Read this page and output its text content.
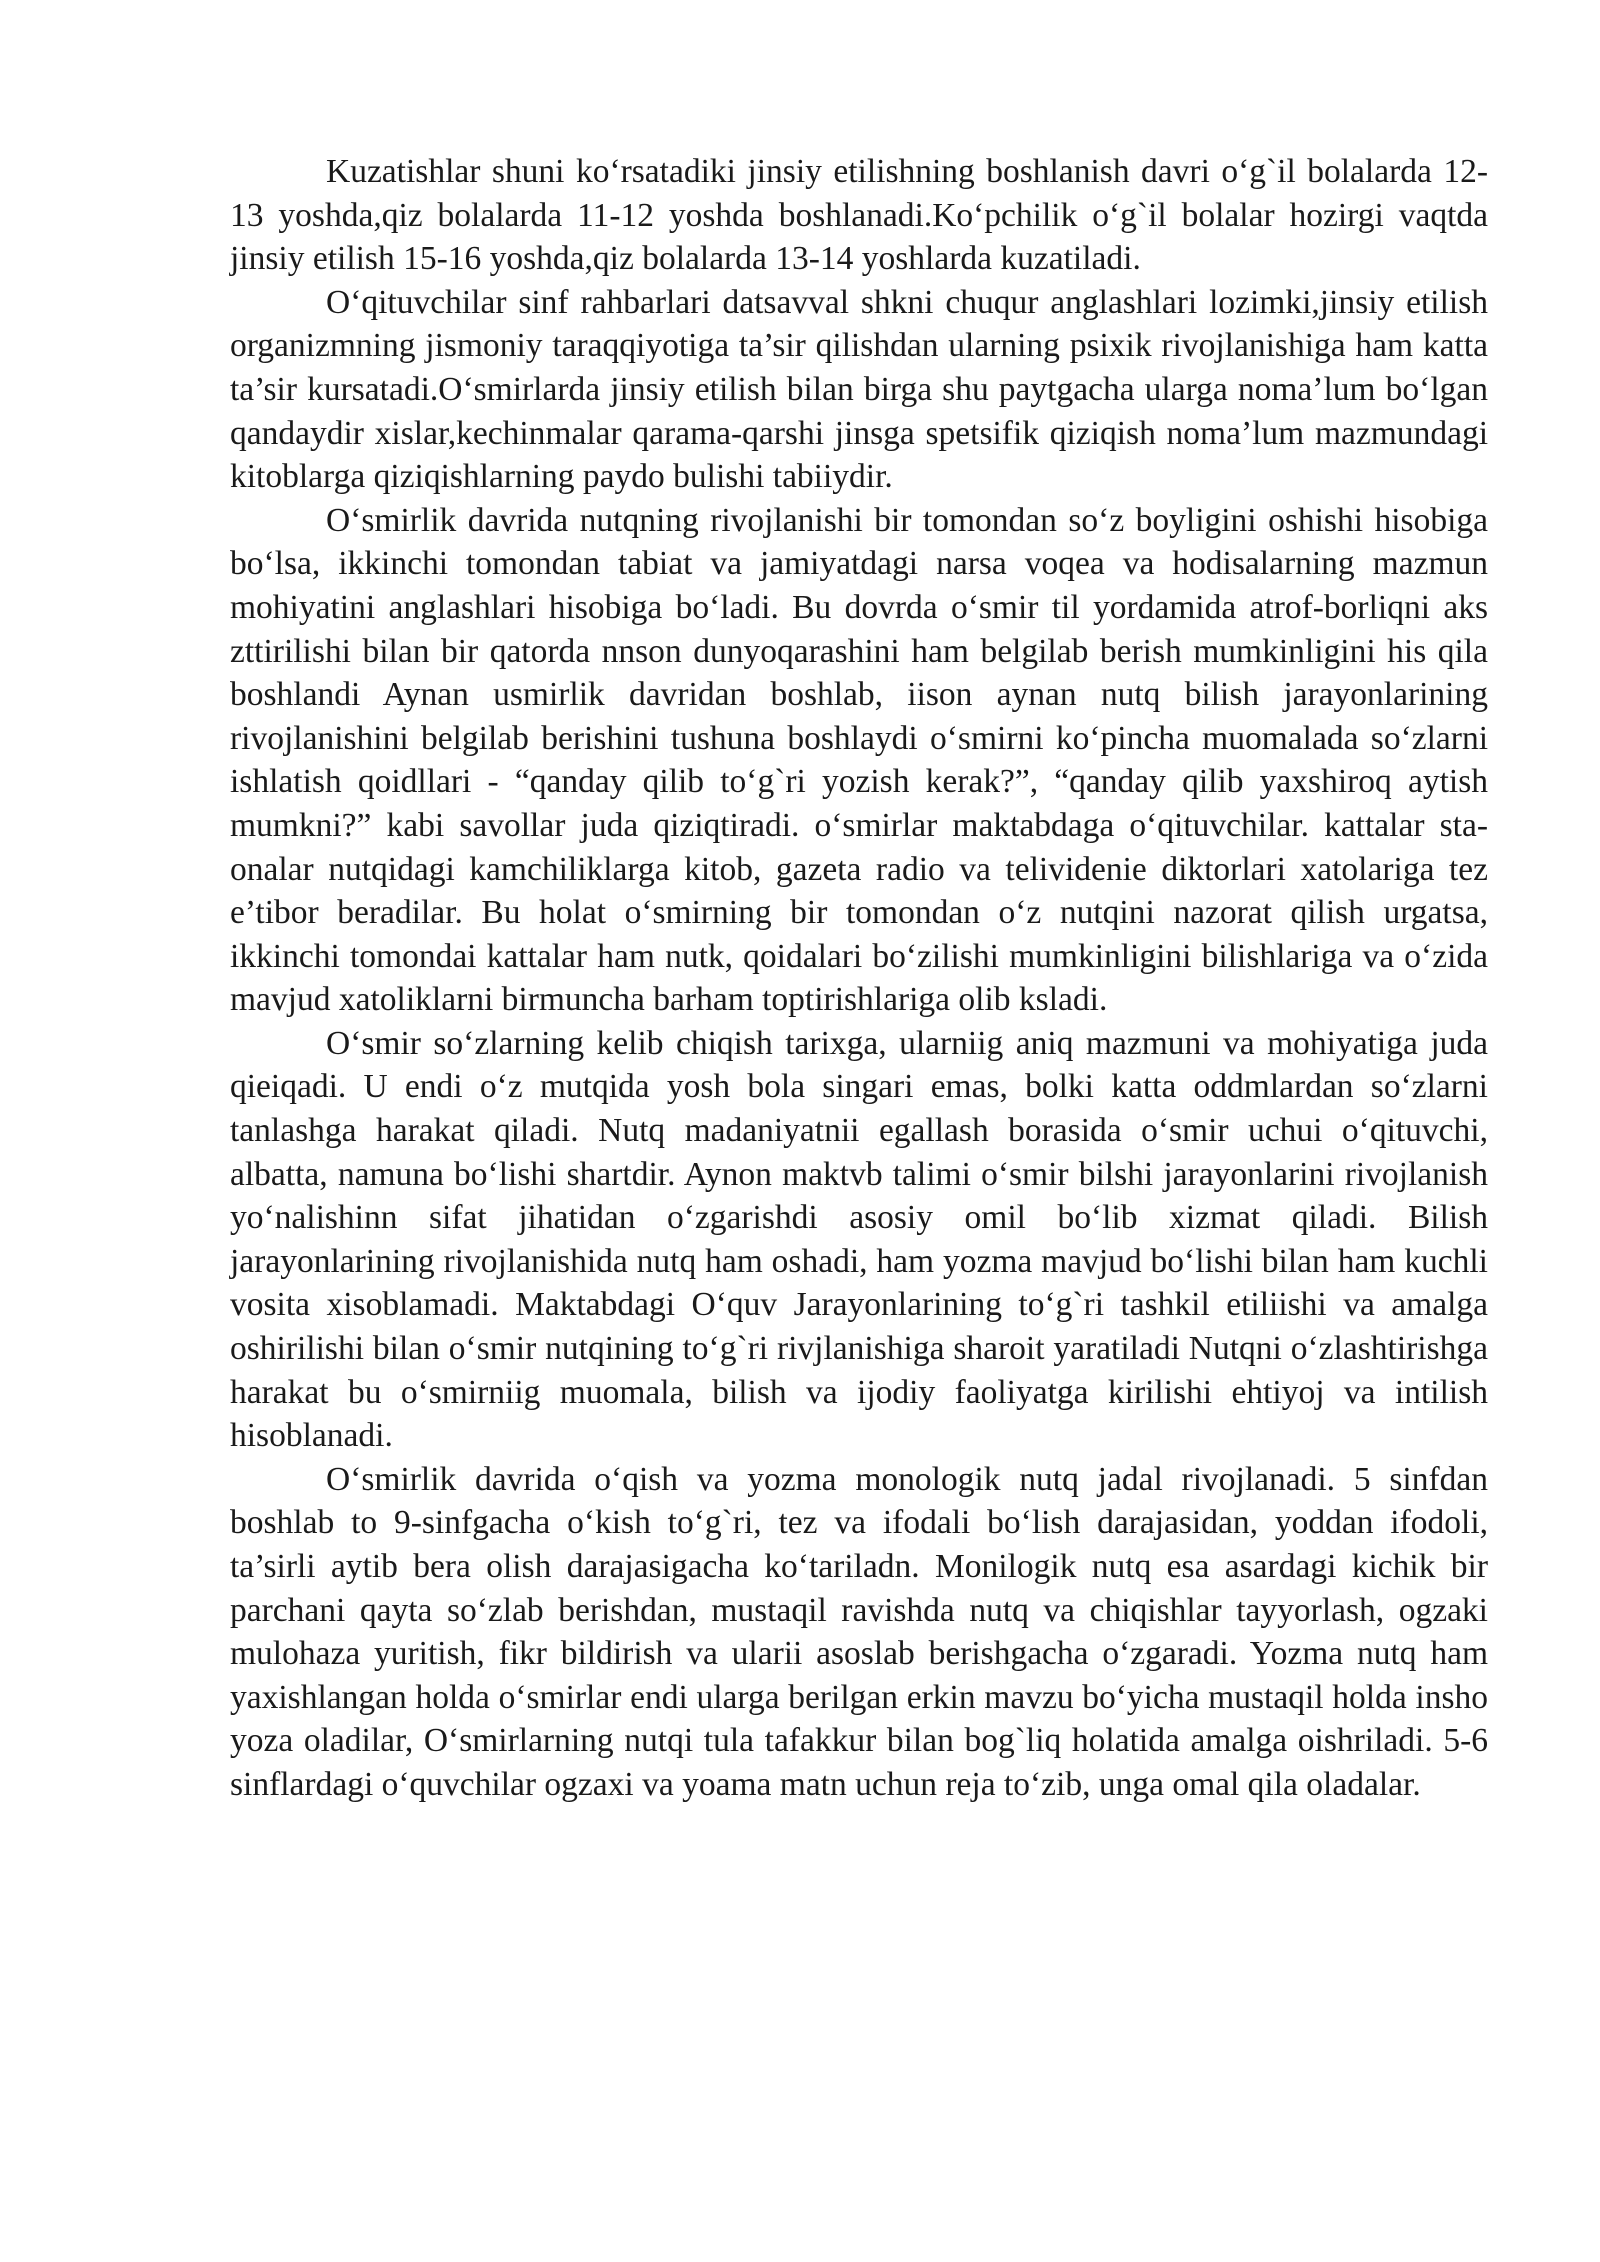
Kuzatishlar shuni ko‘rsatadiki jinsiy etilishning boshlanish davri o‘g`il bolalarda 12-13 yoshda,qiz bolalarda 11-12 yoshda boshlanadi.Ko‘pchilik o‘g`il bolalar hozirgi vaqtda jinsiy etilish 15-16 yoshda,qiz bolalarda 13-14 yoshlarda kuzatiladi.

O‘qituvchilar sinf rahbarlari datsavval shkni chuqur anglashlari lozimki,jinsiy etilish organizmning jismoniy taraqqiyotiga ta’sir qilishdan ularning psixik rivojlanishiga ham katta ta’sir kursatadi.O‘smirlarda jinsiy etilish bilan birga shu paytgacha ularga noma’lum bo‘lgan qandaydir xislar,kechinmalar qarama-qarshi jinsga spetsifik qiziqish noma’lum mazmundagi kitoblarga qiziqishlarning paydo bulishi tabiiydir.

O‘smirlik davrida nutqning rivojlanishi bir tomondan so‘z boyligini oshishi hisobiga bo‘lsa, ikkinchi tomondan tabiat va jamiyatdagi narsa voqea va hodisalarning mazmun mohiyatini anglashlari hisobiga bo‘ladi. Bu dovrda o‘smir til yordamida atrof-borliqni aks zttirilishi bilan bir qatorda nnson dunyoqarashini ham belgilab berish mumkinligini his qila boshlandi Aynan usmirlik davridan boshlab, iison aynan nutq bilish jarayonlarining rivojlanishini belgilab berishini tushuna boshlaydi o‘smirni ko‘pincha muomalada so‘zlarni ishlatish qoidllari - “qanday qilib to‘g`ri yozish kerak?”, “qanday qilib yaxshiroq aytish mumkni?” kabi savollar juda qiziqtiradi. o‘smirlar maktabdaga o‘qituvchilar. kattalar sta-onalar nutqidagi kamchiliklarga kitob, gazeta radio va telividenie diktorlari xatolariga tez e’tibor beradilar. Bu holat o‘smirning bir tomondan o‘z nutqini nazorat qilish urgatsa, ikkinchi tomondai kattalar ham nutk, qoidalari bo‘zilishi mumkinligini bilishlariga va o‘zida mavjud xatoliklarni birmuncha barham toptirishlariga olib ksladi.

O‘smir so‘zlarning kelib chiqish tarixga, ularniig aniq mazmuni va mohiyatiga juda qieiqadi. U endi o‘z mutqida yosh bola singari emas, bolki katta oddmlardan so‘zlarni tanlashga harakat qiladi. Nutq madaniyatnii egallash borasida o‘smir uchui o‘qituvchi, albatta, namuna bo‘lishi shartdir. Aynon maktvb talimi o‘smir bilshi jarayonlarini rivojlanish yo‘nalishinn sifat jihatidan o‘zgarishdi asosiy omil bo‘lib xizmat qiladi. Bilish jarayonlarining rivojlanishida nutq ham oshadi, ham yozma mavjud bo‘lishi bilan ham kuchli vosita xisoblamadi. Maktabdagi O‘quv Jarayonlarining to‘g`ri tashkil etiliishi va amalga oshirilishi bilan o‘smir nutqining to‘g`ri rivjlanishiga sharoit yaratiladi Nutqni o‘zlashtirishga harakat bu o‘smirniig muomala, bilish va ijodiy faoliyatga kirilishi ehtiyoj va intilish hisoblanadi.

O‘smirlik davrida o‘qish va yozma monologik nutq jadal rivojlanadi. 5 sinfdan boshlab to 9-sinfgacha o‘kish to‘g`ri, tez va ifodali bo‘lish darajasidan, yoddan ifodoli, ta’sirli aytib bera olish darajasigacha ko‘tariladn. Monilogik nutq esa asardagi kichik bir parchani qayta so‘zlab berishdan, mustaqil ravishda nutq va chiqishlar tayyorlash, ogzaki mulohaza yuritish, fikr bildirish va ularii asoslab berishgacha o‘zgaradi. Yozma nutq ham yaxishlangan holda o‘smirlar endi ularga berilgan erkin mavzu bo‘yicha mustaqil holda insho yoza oladilar, O‘smirlarning nutqi tula tafakkur bilan bog`liq holatida amalga oishriladi. 5-6 sinflardagi o‘quvchilar ogzaxi va yoama matn uchun reja to‘zib, unga omal qila oladalar.
